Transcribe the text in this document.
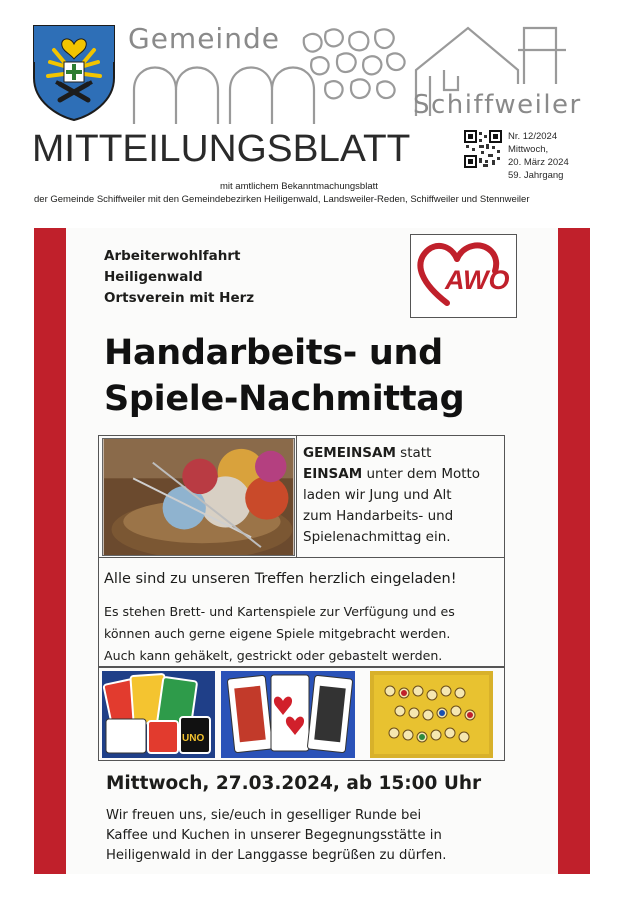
Gemeinde
Schiffweiler
MITTEILUNGSBLATT	Nr. 12/2024
Mittwoch,
20. März 2024
59. Jahrgang
mit amtlichem Bekanntmachungsblatt
der Gemeinde Schiffweiler mit den Gemeindebezirken Heiligenwald, Landsweiler-Reden, Schiffweiler und Stennweiler
Arbeiterwohlfahrt
Heiligenwald
Ortsverein mit Herz
AWO
Handarbeits- und
Spiele-Nachmittag
GEMEINSAM statt
EINSAM unter dem Motto
laden wir Jung und Alt
zum Handarbeits- und
Spielenachmittag ein.
Alle sind zu unseren Treffen herzlich eingeladen!
Es stehen Brett- und Kartenspiele zur Verfügung und es
können auch gerne eigene Spiele mitgebracht werden.
Auch kann gehäkelt, gestrickt oder gebastelt werden.
UNO
Mittwoch, 27.03.2024, ab 15:00 Uhr
Wir freuen uns, sie/euch in geselliger Runde bei
Kaffee und Kuchen in unserer Begegnungsstätte in
Heiligenwald in der Langgasse begrüßen zu dürfen.
